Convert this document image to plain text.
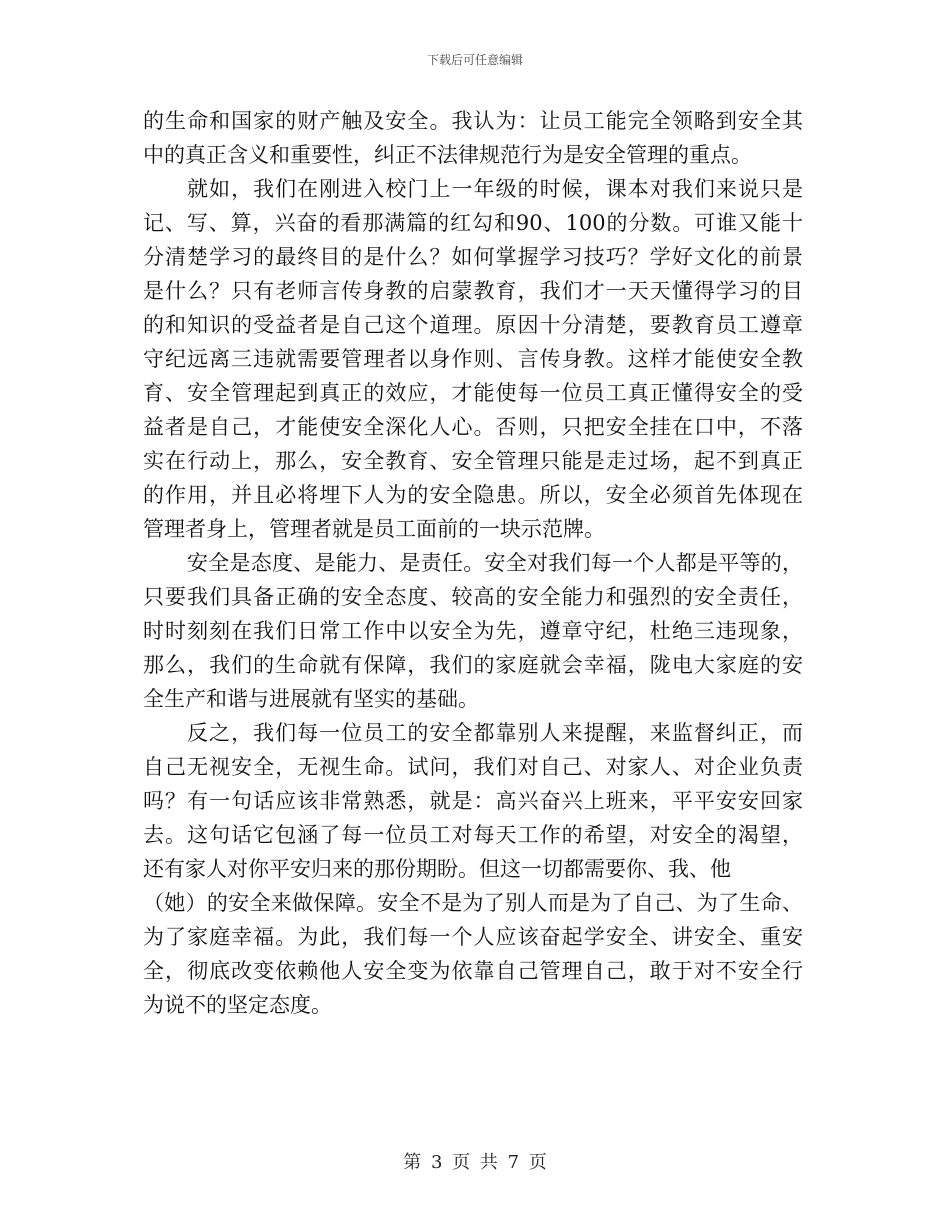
下载后可任意编辑
的生命和国家的财产触及安全。我认为：让员工能完全领略到安全其
中的真正含义和重要性，纠正不法律规范行为是安全管理的重点。
就如，我们在刚进入校门上一年级的时候，课本对我们来说只是
记、写、算，兴奋的看那满篇的红勾和90、100的分数。可谁又能十
分清楚学习的最终目的是什么？如何掌握学习技巧？学好文化的前景
是什么？只有老师言传身教的启蒙教育，我们才一天天懂得学习的目
的和知识的受益者是自己这个道理。原因十分清楚，要教育员工遵章
守纪远离三违就需要管理者以身作则、言传身教。这样才能使安全教
育、安全管理起到真正的效应，才能使每一位员工真正懂得安全的受
益者是自己，才能使安全深化人心。否则，只把安全挂在口中，不落
实在行动上，那么，安全教育、安全管理只能是走过场，起不到真正
的作用，并且必将埋下人为的安全隐患。所以，安全必须首先体现在
管理者身上，管理者就是员工面前的一块示范牌。
安全是态度、是能力、是责任。安全对我们每一个人都是平等的，
只要我们具备正确的安全态度、较高的安全能力和强烈的安全责任，
时时刻刻在我们日常工作中以安全为先，遵章守纪，杜绝三违现象，
那么，我们的生命就有保障，我们的家庭就会幸福，陇电大家庭的安
全生产和谐与进展就有坚实的基础。
反之，我们每一位员工的安全都靠别人来提醒，来监督纠正，而
自己无视安全，无视生命。试问，我们对自己、对家人、对企业负责
吗？有一句话应该非常熟悉，就是：高兴奋兴上班来，平平安安回家
去。这句话它包涵了每一位员工对每天工作的希望，对安全的渴望，
还有家人对你平安归来的那份期盼。但这一切都需要你、我、他
（她）的安全来做保障。安全不是为了别人而是为了自己、为了生命、
为了家庭幸福。为此，我们每一个人应该奋起学安全、讲安全、重安
全，彻底改变依赖他人安全变为依靠自己管理自己，敢于对不安全行
为说不的坚定态度。
第 3 页 共 7 页
